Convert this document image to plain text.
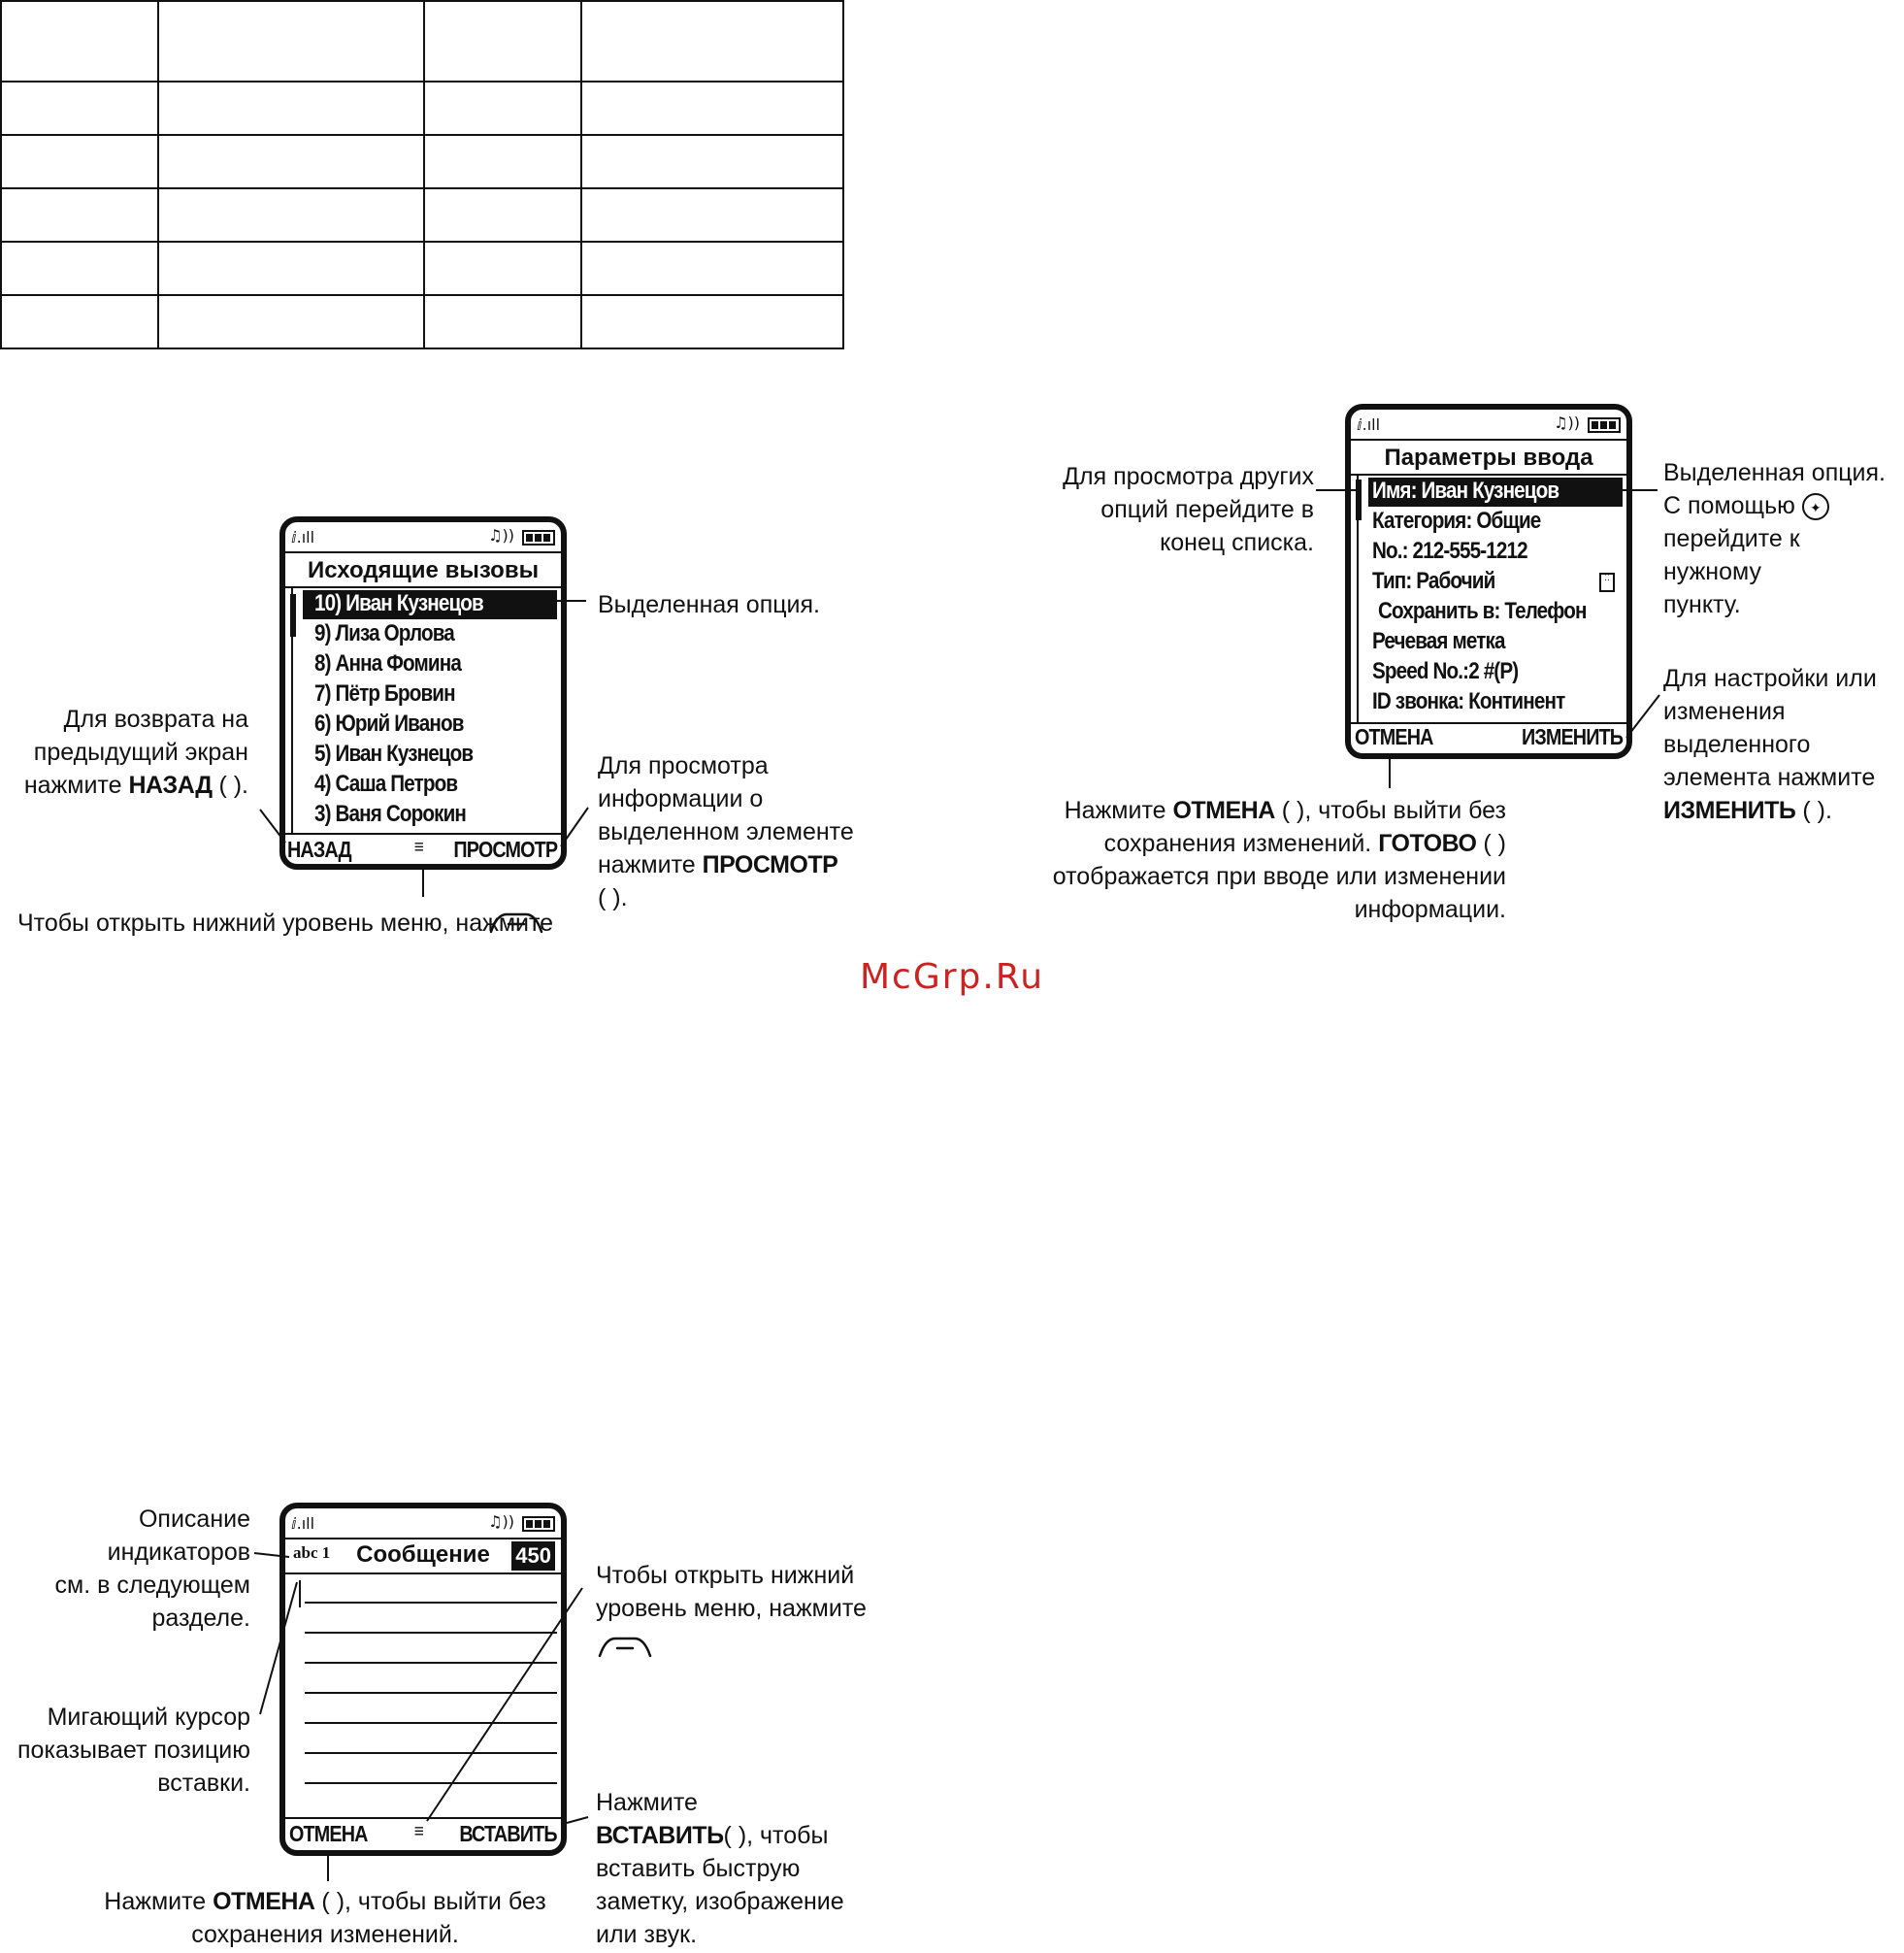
ⅈ.ıll	♫))
Исходящие вызовы
10) Иван Кузнецов
9) Лиза Орлова
8) Анна Фомина
7) Пётр Бровин
6) Юрий Иванов
5) Иван Кузнецов
4) Саша Петров
3) Ваня Сорокин
НАЗАД	≡ ПРОСМОТР
Выделенная опция.
Для возврата на
предыдущий экран
нажмите НАЗАД ( ).
Для просмотра
информации о
выделенном элементе
нажмите ПРОСМОТР
( ).
Чтобы открыть нижний уровень меню, нажмите
ⅈ.ıll	♫))
Параметры ввода
Имя: Иван Кузнецов
Категория: Общие
No.: 212-555-1212
Тип: Рабочий
Сохранить в: Телефон
Речевая метка
Speed No.:2 #(P)
ID звонка: Континент
⁚⁚
ОТМЕНА	ИЗМЕНИТЬ
Для просмотра других
опций перейдите в
конец списка.
Выделенная опция.
С помощью ✦
перейдите к нужному
пункту.
Для настройки или
изменения выделенного
элемента нажмите
ИЗМЕНИТЬ ( ).
Нажмите ОТМЕНА ( ), чтобы выйти без
сохранения изменений. ГОТОВО ( )
отображается при вводе или изменении
информации.
McGrp.Ru
ⅈ.ıll	♫))
abc 1	Сообщение	450
ОТМЕНА ≡ ВСТАВИТЬ
Описание индикаторов
см. в следующем
разделе.
Мигающий курсор
показывает позицию
вставки.
Чтобы открыть нижний
уровень меню, нажмите

Нажмите
ВСТАВИТЬ( ), чтобы
вставить быструю
заметку, изображение
или звук.
Нажмите ОТМЕНА ( ), чтобы выйти без
сохранения изменений.
